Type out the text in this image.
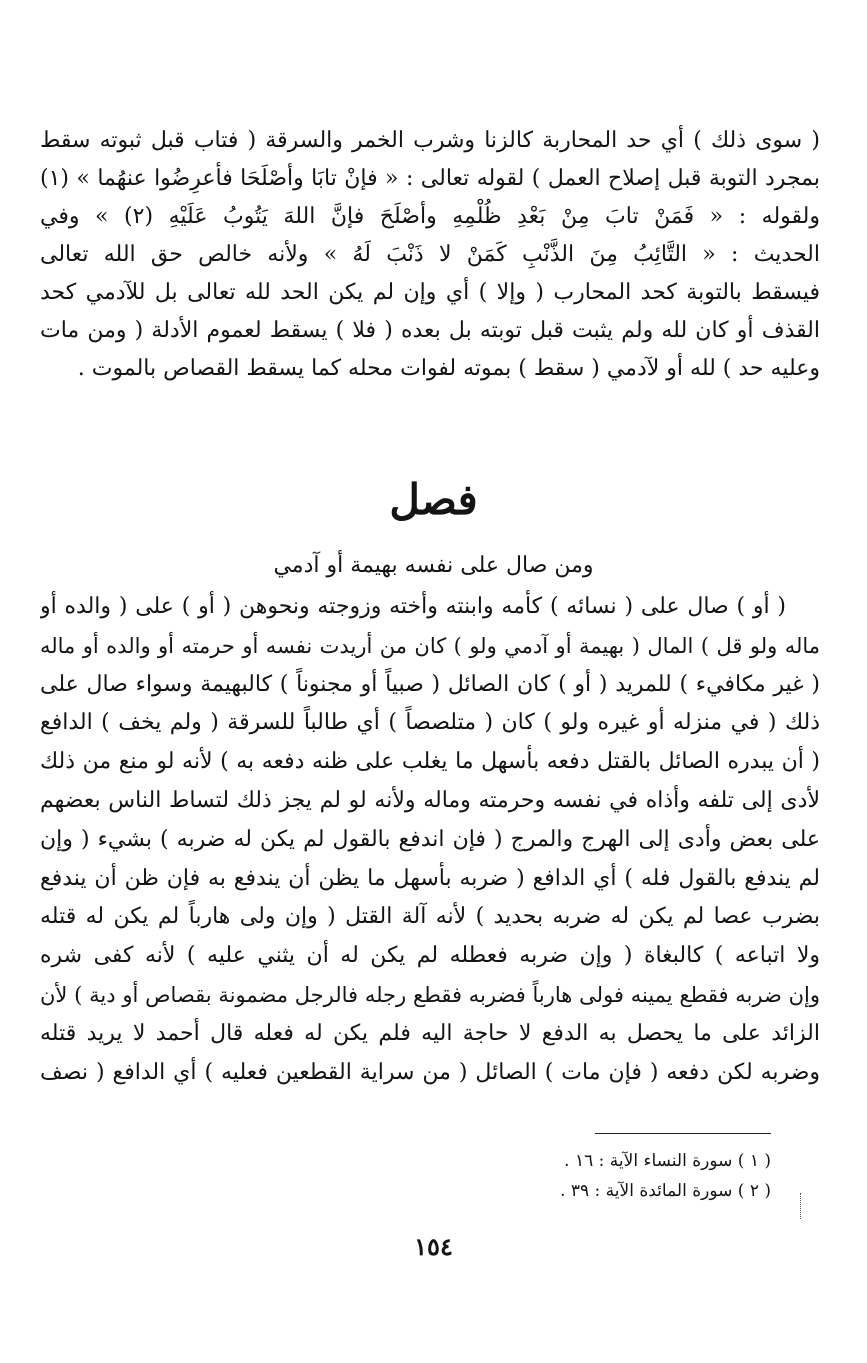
( سوى ذلك ) أي حد المحاربة كالزنا وشرب الخمر والسرقة ( فتاب قبل ثبوته سقط
بمجرد التوبة قبل إصلاح العمل ) لقوله تعالى : « فإنْ تابَا وأصْلَحَا فأعرِضُوا عنهُما » (١)
ولقوله : « فَمَنْ تابَ مِنْ بَعْدِ ظُلْمِهِ وأصْلَحَ فإنَّ اللهَ يَتُوبُ عَلَيْهِ (٢) » وفي
الحديث : « التَّائِبُ مِنَ الذَّنْبِ كَمَنْ لا ذَنْبَ لَهُ » ولأنه خالص حق الله تعالى
فيسقط بالتوبة كحد المحارب ( وإلا ) أي وإن لم يكن الحد لله تعالى بل للآدمي كحد
القذف أو كان لله ولم يثبت قبل توبته بل بعده ( فلا ) يسقط لعموم الأدلة ( ومن مات
وعليه حد ) لله أو لآدمي ( سقط ) بموته لفوات محله كما يسقط القصاص بالموت .
فصل
ومن صال على نفسه بهيمة أو آدمي
( أو ) صال على ( نسائه ) كأمه وابنته وأخته وزوجته ونحوهن ( أو ) على ( والده أو
ماله ولو قل ) المال ( بهيمة أو آدمي ولو ) كان من أريدت نفسه أو حرمته أو والده أو ماله
( غير مكافيء ) للمريد ( أو ) كان الصائل ( صبياً أو مجنوناً ) كالبهيمة وسواء صال على
ذلك ( في منزله أو غيره ولو ) كان ( متلصصاً ) أي طالباً للسرقة ( ولم يخف ) الدافع
( أن يبدره الصائل بالقتل دفعه بأسهل ما يغلب على ظنه دفعه به ) لأنه لو منع من ذلك
لأدى إلى تلفه وأذاه في نفسه وحرمته وماله ولأنه لو لم يجز ذلك لتساط الناس بعضهم
على بعض وأدى إلى الهرج والمرج ( فإن اندفع بالقول لم يكن له ضربه ) بشيء ( وإن
لم يندفع بالقول فله ) أي الدافع ( ضربه بأسهل ما يظن أن يندفع به فإن ظن أن يندفع
بضرب عصا لم يكن له ضربه بحديد ) لأنه آلة القتل ( وإن ولى هارباً لم يكن له قتله
ولا اتباعه ) كالبغاة ( وإن ضربه فعطله لم يكن له أن يثني عليه ) لأنه كفى شره
وإن ضربه فقطع يمينه فولى هارباً فضربه فقطع رجله فالرجل مضمونة بقصاص أو دية ) لأن
الزائد على ما يحصل به الدفع لا حاجة اليه فلم يكن له فعله قال أحمد لا يريد قتله
وضربه لكن دفعه ( فإن مات ) الصائل ( من سراية القطعين فعليه ) أي الدافع ( نصف
( ١ ) سورة النساء الآية : ١٦ .
( ٢ ) سورة المائدة الآية : ٣٩ .
١٥٤
